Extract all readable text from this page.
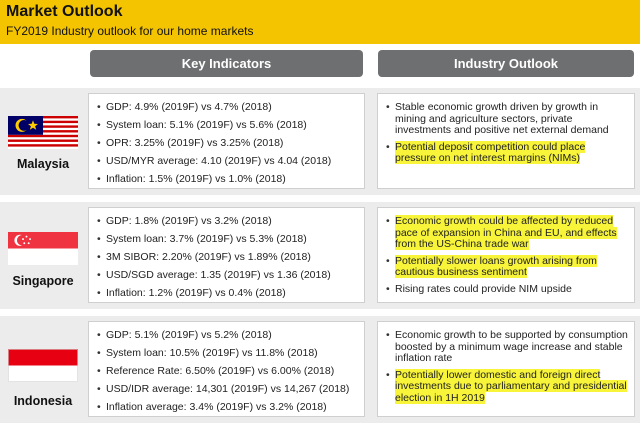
Market Outlook
FY2019 Industry outlook for our home markets
Key Indicators	Industry Outlook
Malaysia
• GDP: 4.9% (2019F) vs 4.7% (2018)
• System loan: 5.1% (2019F) vs 5.6% (2018)
• OPR: 3.25% (2019F) vs 3.25% (2018)
• USD/MYR average: 4.10 (2019F) vs 4.04 (2018)
• Inflation: 1.5% (2019F) vs 1.0% (2018)
• Stable economic growth driven by growth in mining and agriculture sectors, private investments and positive net external demand
• Potential deposit competition could place pressure on net interest margins (NIMs)
Singapore
• GDP: 1.8% (2019F) vs 3.2% (2018)
• System loan: 3.7% (2019F) vs 5.3% (2018)
• 3M SIBOR: 2.20% (2019F) vs 1.89% (2018)
• USD/SGD average: 1.35 (2019F) vs 1.36 (2018)
• Inflation: 1.2% (2019F) vs 0.4% (2018)
• Economic growth could be affected by reduced pace of expansion in China and EU, and effects from the US-China trade war
• Potentially slower loans growth arising from cautious business sentiment
• Rising rates could provide NIM upside
Indonesia
• GDP: 5.1% (2019F) vs 5.2% (2018)
• System loan: 10.5% (2019F) vs 11.8% (2018)
• Reference Rate: 6.50% (2019F) vs 6.00% (2018)
• USD/IDR average: 14,301 (2019F) vs 14,267 (2018)
• Inflation average: 3.4% (2019F) vs 3.2% (2018)
• Economic growth to be supported by consumption boosted by a minimum wage increase and stable inflation rate
• Potentially lower domestic and foreign direct investments due to parliamentary and presidential election in 1H 2019
